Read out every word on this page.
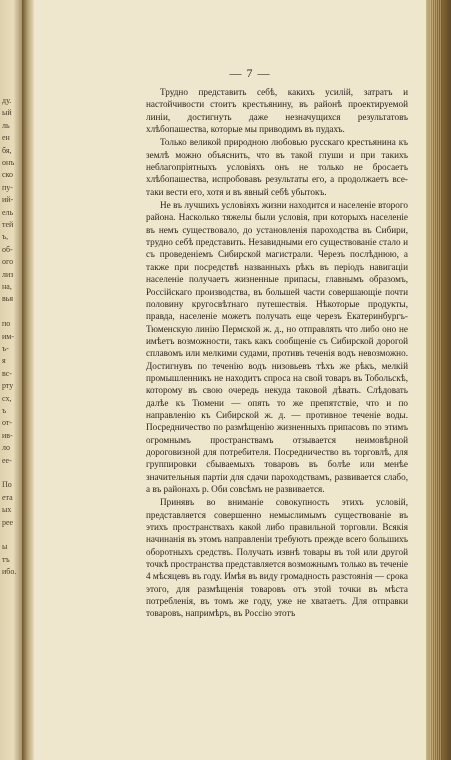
ду.
ый
ль
ен
бя,
онъ
ско
пу-
ий-
ель
тей
ъ,
об-
ого
лиз
на,
вья
по
им-
ъ-
я
вс-
рту
сх,
ъ
от-
ив-
ло
ее-
По
ета
ых
рее
ы
тъ
ибо.
— 7 —

Трудно представить себѣ, какихъ усилiй, затратъ и настойчивости стоитъ крестьянину, въ районѣ проектируемой линiи, достигнуть даже незначущихся результатовъ хлѣбопашества, которые мы приводимъ въ пудахъ.

Только великой природною любовью русскаго крестьянина къ землѣ можно объяснить, что въ такой глуши и при такихъ неблагопрiятныхъ условiяхъ онъ не только не бросаетъ хлѣбопашества, испробовавъ результаты его, а продолжаетъ все-таки вести его, хотя и въ явный себѣ убытокъ.

Не въ лучшихъ условiяхъ жизни находится и населенiе второго района. Насколько тяжелы были условiя, при которыхъ населенiе въ немъ существовало, до установленiя пароходства въ Сибири, трудно себѣ представить. Незавидными его существованiе стало и съ проведенiемъ Сибирской магистрали. Черезъ послѣднюю, а также при посредствѣ названныхъ рѣкъ въ перiодъ навигацiи населенiе получаетъ жизненные припасы, главнымъ образомъ, Россiйскаго производства, въ большей части совершающiе почти половину кругосвѣтнаго путешествiя. Нѣкоторые продукты, правда, населенiе можетъ получать еще черезъ Екатеринбургъ-Тюменскую линiю Пермской ж. д., но отправлять что либо оно не имѣетъ возможности, такъ какъ сообщенiе съ Сибирской дорогой сплавомъ или мелкими судами, противъ теченiя водъ невозможно. Достигнувъ по теченiю водъ низовьевъ тѣхъ же рѣкъ, мелкiй промышленникъ не находитъ спроса на свой товаръ въ Тобольскѣ, которому въ свою очередь некуда таковой дѣвать. Слѣдовать далѣе къ Тюмени — опять то же препятствiе, что и по направленiю къ Сибирской ж. д. — противное теченiе воды. Посредничество по размѣщенiю жизненныхъ припасовъ по этимъ огромнымъ пространствамъ отзывается неимовѣрной дороговизной для потребителя. Посредничество въ торговлѣ, для группировки сбываемыхъ товаровъ въ болѣе или менѣе значительныя партiи для сдачи пароходствамъ, развивается слабо, а въ районахъ р. Оби совсѣмъ не развивается.

Принявъ во вниманiе совокупность этихъ условiй, представляется совершенно немыслимымъ существованiе въ этихъ пространствахъ какой либо правильной торговли. Всякiя начинанiя въ этомъ направленiи требуютъ прежде всего большихъ оборотныхъ средствъ. Получать извнѣ товары въ той или другой точкѣ пространства представляется возможнымъ только въ теченiе 4 мѣсяцевъ въ году. Имѣя въ виду громадность разстоянiя — срока этого, для размѣщенiя товаровъ отъ этой точки въ мѣста потребленiя, въ томъ же году, уже не хватаетъ. Для отправки товаровъ, напримѣръ, въ Россiю этотъ
